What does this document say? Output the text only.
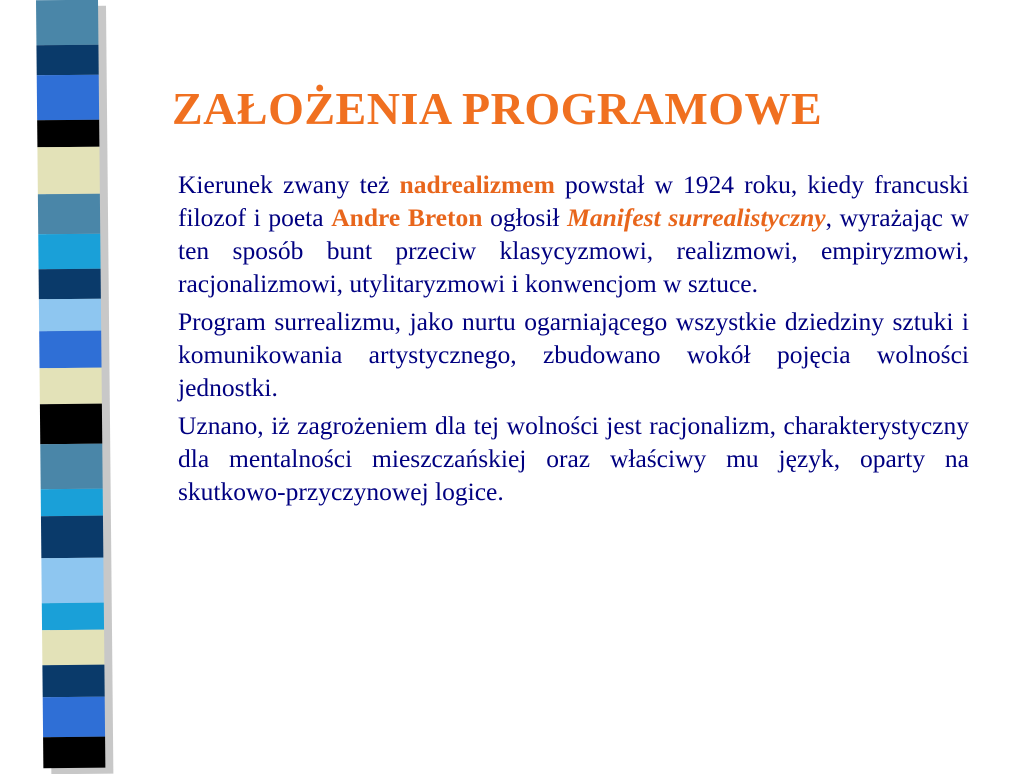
ZAŁOŻENIA PROGRAMOWE

Kierunek zwany też nadrealizmem powstał w 1924 roku, kiedy francuski filozof i poeta Andre Breton ogłosił Manifest surrealistyczny, wyrażając w ten sposób bunt przeciw klasycyzmowi, realizmowi, empiryzmowi, racjonalizmowi, utylitaryzmowi i konwencjom w sztuce.

Program surrealizmu, jako nurtu ogarniającego wszystkie dziedziny sztuki i komunikowania artystycznego, zbudowano wokół pojęcia wolności jednostki.

Uznano, iż zagrożeniem dla tej wolności jest racjonalizm, charakterystyczny dla mentalności mieszczańskiej oraz właściwy mu język, oparty na skutkowo-przyczynowej logice.
